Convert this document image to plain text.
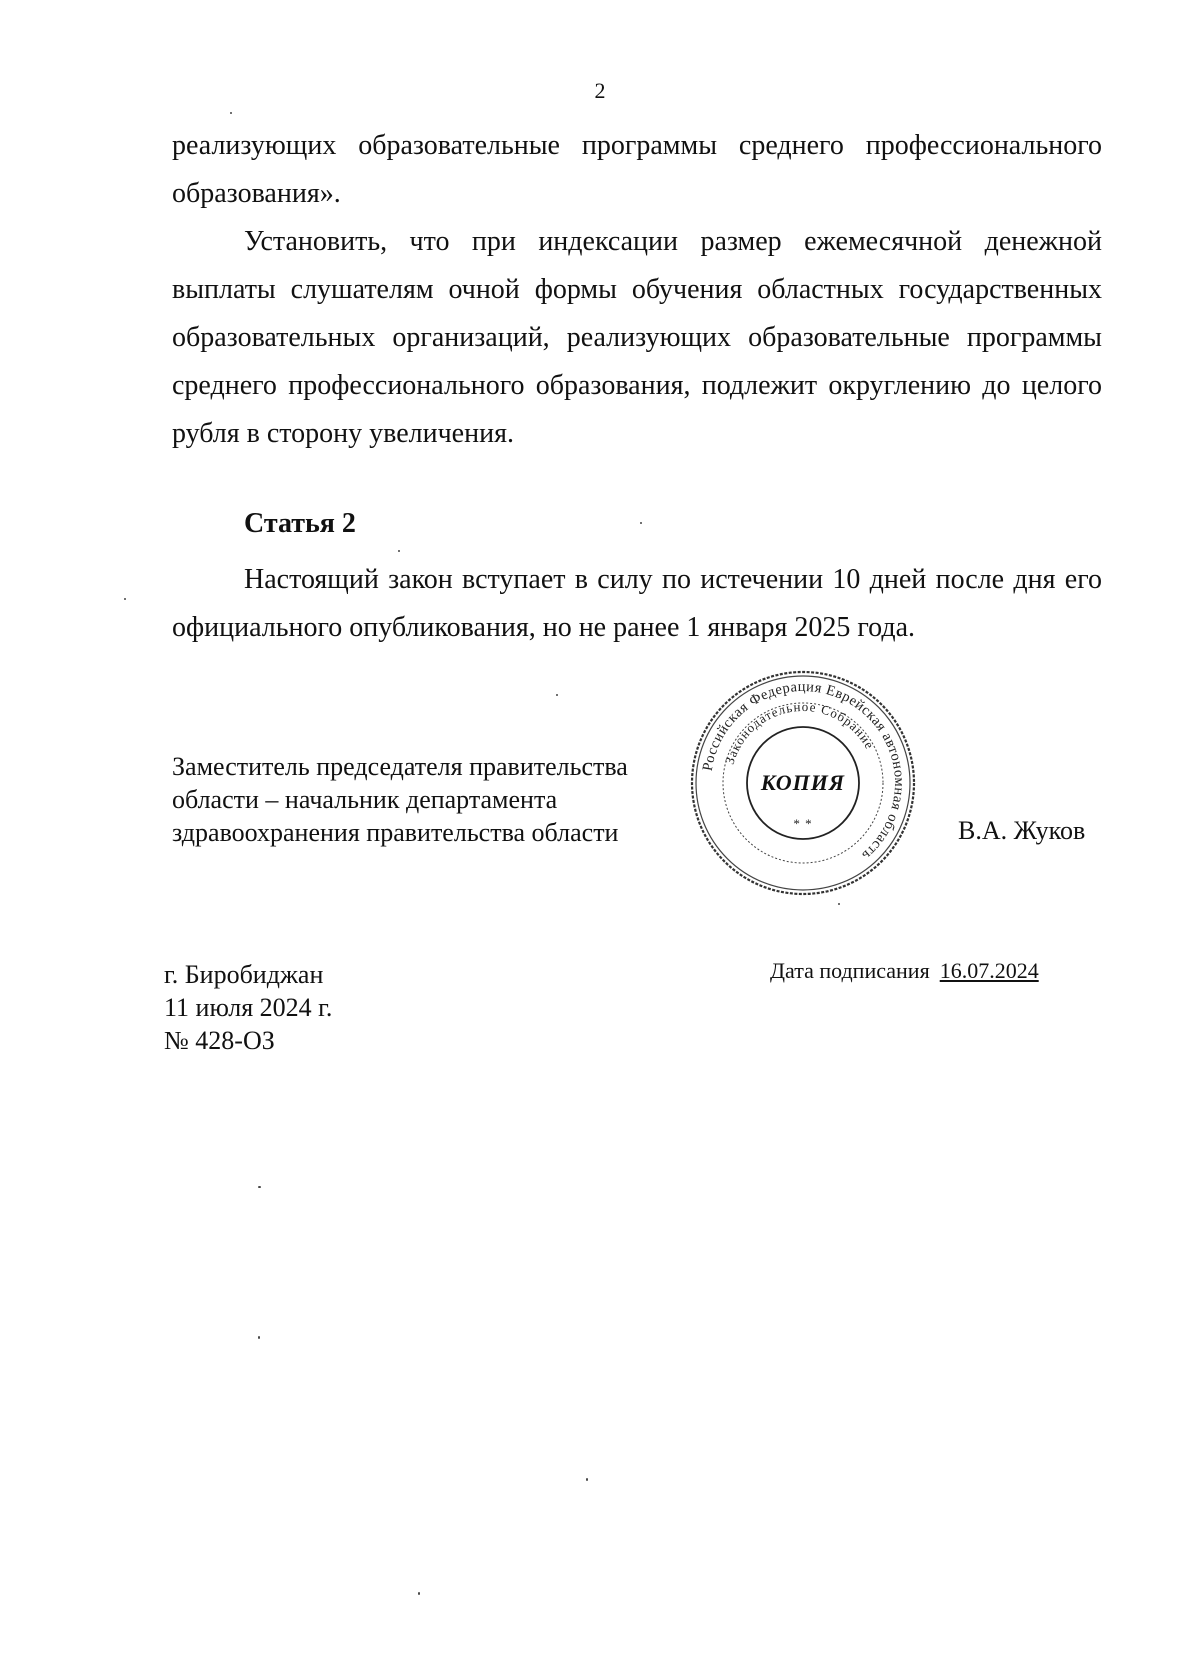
2

реализующих образовательные программы среднего профессионального образования».

Установить, что при индексации размер ежемесячной денежной выплаты слушателям очной формы обучения областных государственных образовательных организаций, реализующих образовательные программы среднего профессионального образования, подлежит округлению до целого рубля в сторону увеличения.

Статья 2

Настоящий закон вступает в силу по истечении 10 дней после дня его официального опубликования, но не ранее 1 января 2025 года.

Заместитель председателя правительства
области – начальник департамента
здравоохранения правительства области
Российская Федерация Еврейская автономная область
Законодательное Собрание
КОПИЯ
* *	В.А. Жуков
г. Биробиджан
11 июля 2024 г.
№ 428-ОЗ
Дата подписания 16.07.2024
